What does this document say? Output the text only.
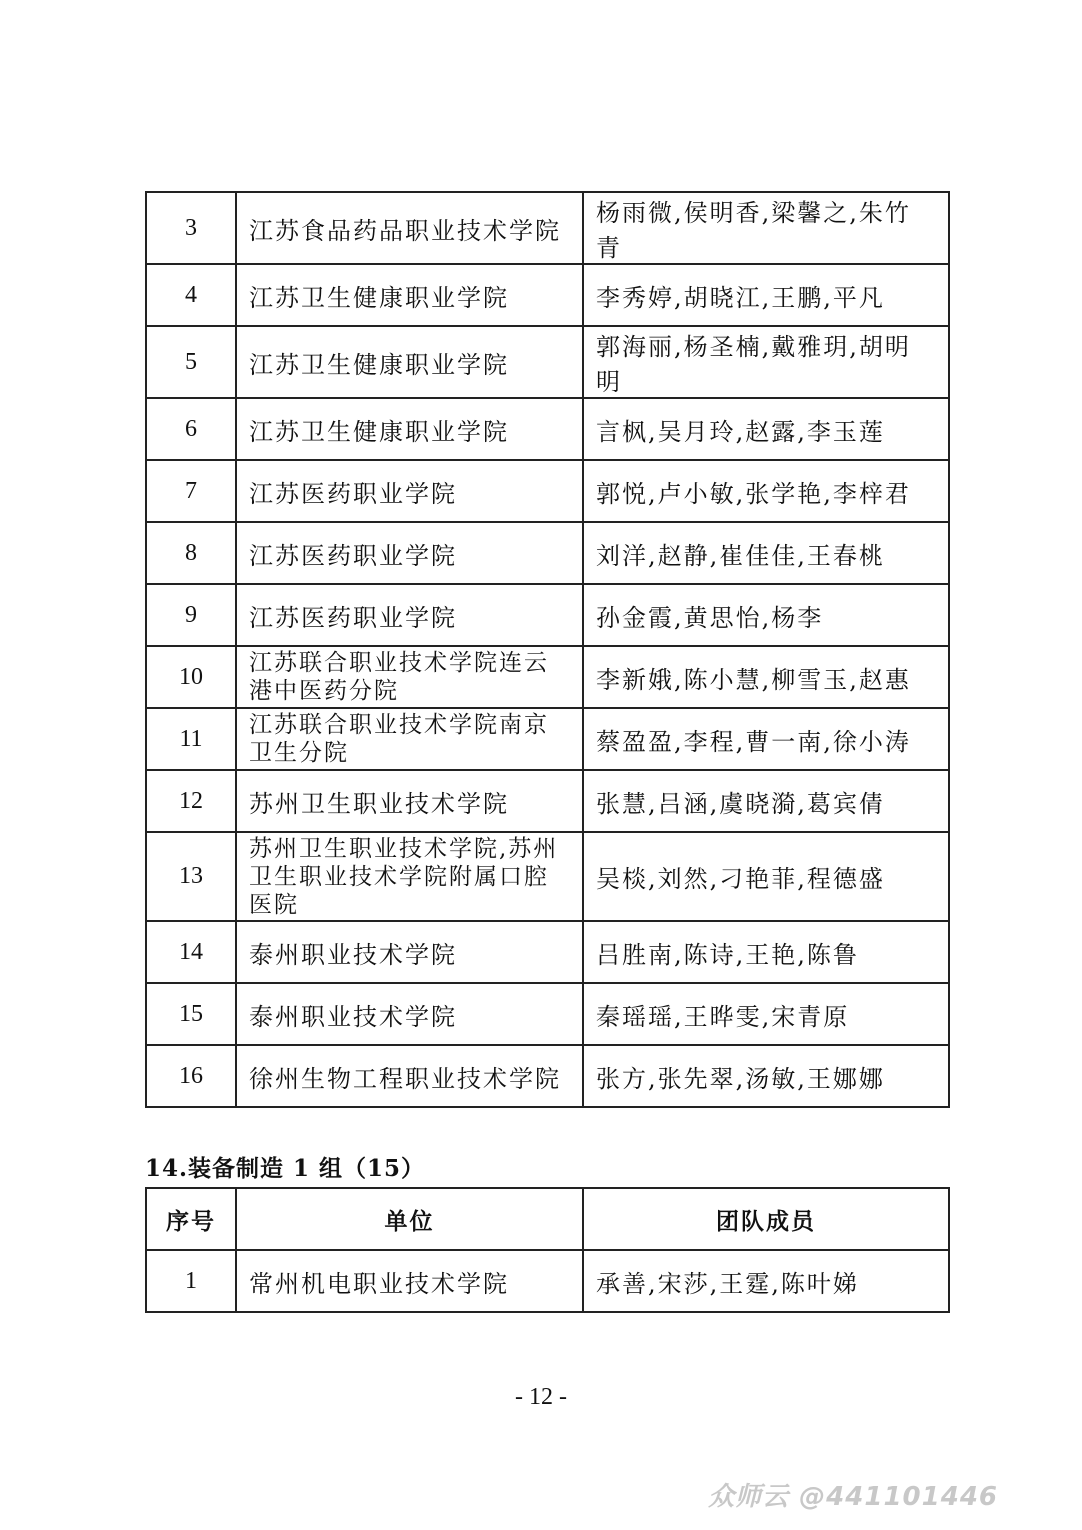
3	江苏食品药品职业技术学院	杨雨微,侯明香,梁馨之,朱竹青
4	江苏卫生健康职业学院	李秀婷,胡晓江,王鹏,平凡
5	江苏卫生健康职业学院	郭海丽,杨圣楠,戴雅玥,胡明明
6	江苏卫生健康职业学院	言枫,吴月玲,赵露,李玉莲
7	江苏医药职业学院	郭悦,卢小敏,张学艳,李梓君
8	江苏医药职业学院	刘洋,赵静,崔佳佳,王春桃
9	江苏医药职业学院	孙金霞,黄思怡,杨李
10	江苏联合职业技术学院连云港中医药分院	李新娥,陈小慧,柳雪玉,赵惠
11	江苏联合职业技术学院南京卫生分院	蔡盈盈,李程,曹一南,徐小涛
12	苏州卫生职业技术学院	张慧,吕涵,虞晓漪,葛宾倩
13	苏州卫生职业技术学院,苏州卫生职业技术学院附属口腔医院	吴棪,刘然,刁艳菲,程德盛
14	泰州职业技术学院	吕胜南,陈诗,王艳,陈鲁
15	泰州职业技术学院	秦瑶瑶,王晔雯,宋青原
16	徐州生物工程职业技术学院	张方,张先翠,汤敏,王娜娜
14.装备制造 1 组（15）
序号	单位	团队成员
1	常州机电职业技术学院	承善,宋莎,王霆,陈叶娣
- 12 -
众师云 @441101446
